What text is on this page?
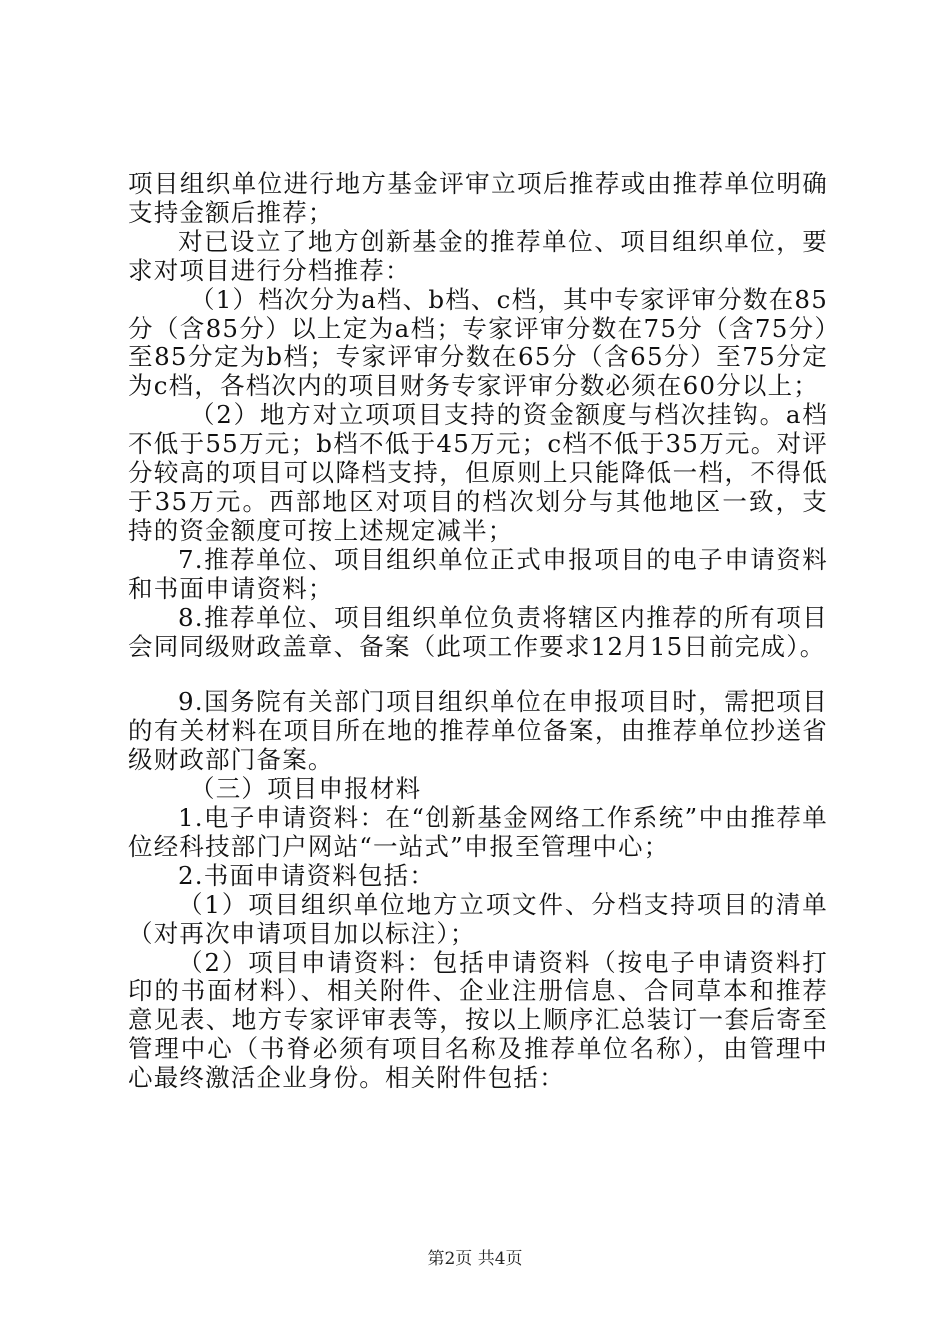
项目组织单位进行地方基金评审立项后推荐或由推荐单位明确支持金额后推荐；

对已设立了地方创新基金的推荐单位、项目组织单位，要求对项目进行分档推荐：

（1）档次分为a档、b档、c档，其中专家评审分数在85分（含85分）以上定为a档；专家评审分数在75分（含75分）至85分定为b档；专家评审分数在65分（含65分）至75分定为c档，各档次内的项目财务专家评审分数必须在60分以上；

（2）地方对立项项目支持的资金额度与档次挂钩。a档不低于55万元；b档不低于45万元；c档不低于35万元。对评分较高的项目可以降档支持，但原则上只能降低一档，不得低于35万元。西部地区对项目的档次划分与其他地区一致，支持的资金额度可按上述规定减半；

7.推荐单位、项目组织单位正式申报项目的电子申请资料和书面申请资料；

8.推荐单位、项目组织单位负责将辖区内推荐的所有项目会同同级财政盖章、备案（此项工作要求12月15日前完成）。

9.国务院有关部门项目组织单位在申报项目时，需把项目的有关材料在项目所在地的推荐单位备案，由推荐单位抄送省级财政部门备案。

（三）项目申报材料

1.电子申请资料：在“创新基金网络工作系统”中由推荐单位经科技部门户网站“一站式”申报至管理中心；

2.书面申请资料包括：

（1）项目组织单位地方立项文件、分档支持项目的清单（对再次申请项目加以标注）；

（2）项目申请资料：包括申请资料（按电子申请资料打印的书面材料）、相关附件、企业注册信息、合同草本和推荐意见表、地方专家评审表等，按以上顺序汇总装订一套后寄至管理中心（书脊必须有项目名称及推荐单位名称），由管理中心最终激活企业身份。相关附件包括：

第2页 共4页
